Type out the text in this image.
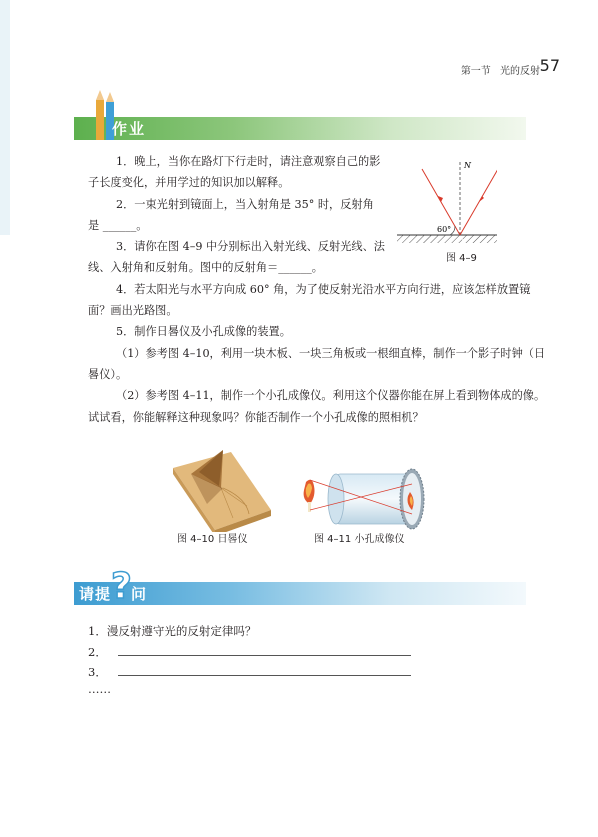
第一节 光的反射 57
作业
1．晚上，当你在路灯下行走时，请注意观察自己的影
子长度变化，并用学过的知识加以解释。
2．一束光射到镜面上，当入射角是 35° 时，反射角
是 ______。
3．请你在图 4–9 中分别标出入射光线、反射光线、法
线、入射角和反射角。图中的反射角＝______。
4．若太阳光与水平方向成 60° 角，为了使反射光沿水平方向行进，应该怎样放置镜
面？画出光路图。
5．制作日晷仪及小孔成像的装置。
（1）参考图 4–10，利用一块木板、一块三角板或一根细直棒，制作一个影子时钟（日
晷仪）。
（2）参考图 4–11，制作一个小孔成像仪。利用这个仪器你能在屏上看到物体成的像。
试试看，你能解释这种现象吗？你能否制作一个小孔成像的照相机？
N
60°
O
图 4–9
图 4–10 日晷仪	图 4–11 小孔成像仪
请提 ? 问
1．漫反射遵守光的反射定律吗？
2．
3．
……
